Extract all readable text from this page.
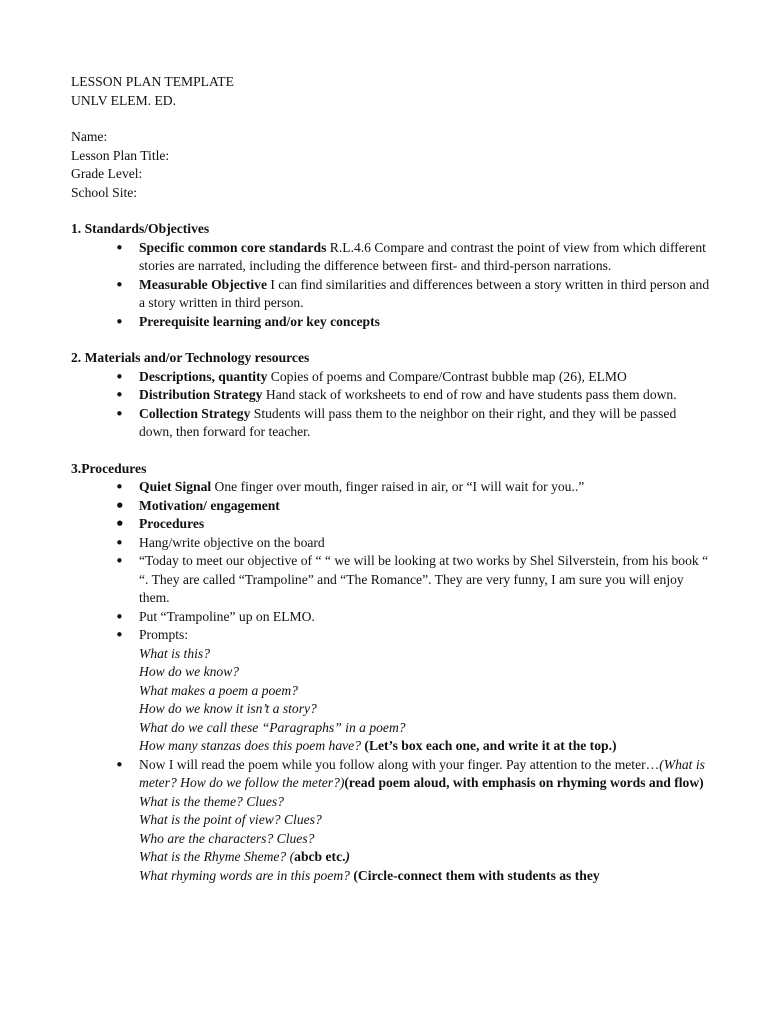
LESSON PLAN TEMPLATE
UNLV ELEM. ED.
Name:
Lesson Plan Title:
Grade Level:
School Site:
1. Standards/Objectives
• Specific common core standards R.L.4.6 Compare and contrast the point of view from which different stories are narrated, including the difference between first- and third-person narrations.
• Measurable Objective I can find similarities and differences between a story written in third person and a story written in third person.
• Prerequisite learning and/or key concepts
2. Materials and/or Technology resources
• Descriptions, quantity Copies of poems and Compare/Contrast bubble map (26), ELMO
• Distribution Strategy Hand stack of worksheets to end of row and have students pass them down.
• Collection Strategy Students will pass them to the neighbor on their right, and they will be passed down, then forward for teacher.
3.Procedures
• Quiet Signal One finger over mouth, finger raised in air, or “I will wait for you..”
• Motivation/ engagement
• Procedures
• Hang/write objective on the board
• “Today to meet our objective of “ “ we will be looking at two works by Shel Silverstein, from his book “ “. They are called “Trampoline” and “The Romance”. They are very funny, I am sure you will enjoy them.
• Put “Trampoline” up on ELMO.
• Prompts:
What is this?
How do we know?
What makes a poem a poem?
How do we know it isn’t a story?
What do we call these “Paragraphs” in a poem?
How many stanzas does this poem have? (Let’s box each one, and write it at the top.)
• Now I will read the poem while you follow along with your finger. Pay attention to the meter…(What is meter? How do we follow the meter?)(read poem aloud, with emphasis on rhyming words and flow)
What is the theme? Clues?
What is the point of view? Clues?
Who are the characters? Clues?
What is the Rhyme Sheme? (abcb etc.)
What rhyming words are in this poem? (Circle-connect them with students as they
